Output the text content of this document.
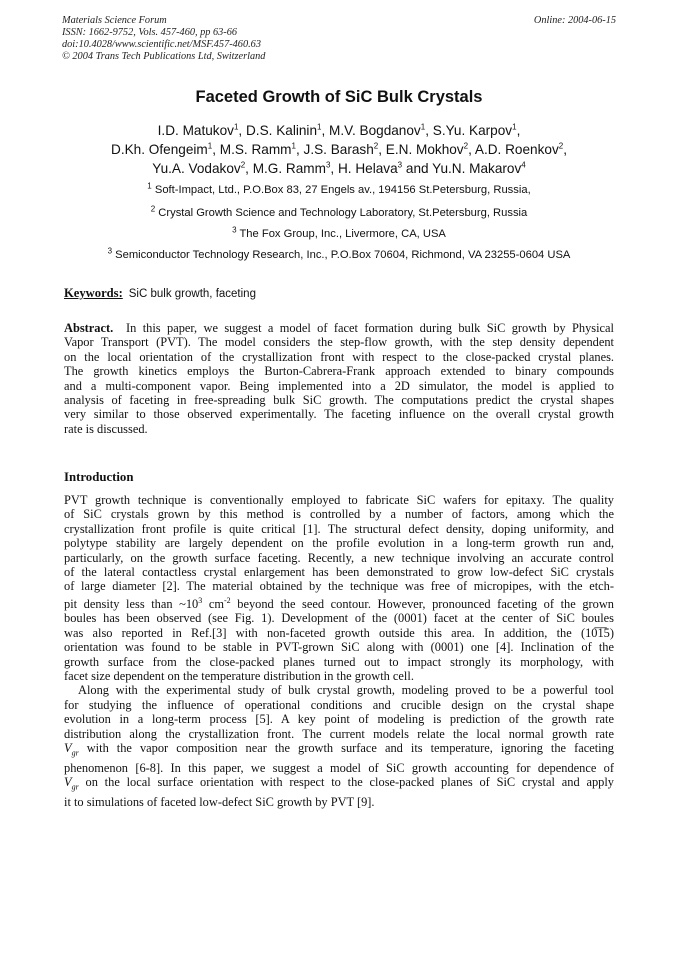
Materials Science Forum
ISSN: 1662-9752, Vols. 457-460, pp 63-66
doi:10.4028/www.scientific.net/MSF.457-460.63
© 2004 Trans Tech Publications Ltd, Switzerland
Online: 2004-06-15
Faceted Growth of SiC Bulk Crystals
I.D. Matukov$^1$, D.S. Kalinin$^1$, M.V. Bogdanov$^1$, S.Yu. Karpov$^1$,
D.Kh. Ofengeim$^1$, M.S. Ramm$^1$, J.S. Barash$^2$, E.N. Mokhov$^2$, A.D. Roenkov$^2$,
Yu.A. Vodakov$^2$, M.G. Ramm$^3$, H. Helava$^3$ and Yu.N. Makarov$^4$
$^1$ Soft-Impact, Ltd., P.O.Box 83, 27 Engels av., 194156 St.Petersburg, Russia,
$^2$ Crystal Growth Science and Technology Laboratory, St.Petersburg, Russia
$^3$ The Fox Group, Inc., Livermore, CA, USA
$^3$ Semiconductor Technology Research, Inc., P.O.Box 70604, Richmond, VA 23255-0604 USA
Keywords: SiC bulk growth, faceting
Abstract. In this paper, we suggest a model of facet formation during bulk SiC growth by Physical
Vapor Transport (PVT). The model considers the step-flow growth, with the step density dependent
on the local orientation of the crystallization front with respect to the close-packed crystal planes.
The growth kinetics employs the Burton-Cabrera-Frank approach extended to binary compounds
and a multi-component vapor. Being implemented into a 2D simulator, the model is applied to
analysis of faceting in free-spreading bulk SiC growth. The computations predict the crystal shapes
very similar to those observed experimentally. The faceting influence on the overall crystal growth
rate is discussed.
Introduction
PVT growth technique is conventionally employed to fabricate SiC wafers for epitaxy. The quality
of SiC crystals grown by this method is controlled by a number of factors, among which the
crystallization front profile is quite critical [1]. The structural defect density, doping uniformity, and
polytype stability are largely dependent on the profile evolution in a long-term growth run and,
particularly, on the growth surface faceting. Recently, a new technique involving an accurate control
of the lateral contactless crystal enlargement has been demonstrated to grow low-defect SiC crystals
of large diameter [2]. The material obtained by the technique was free of micropipes, with the etch-
pit density less than $\sim 10^3$ $cm^{-2}$ beyond the seed contour. However, pronounced faceting of the grown
boules has been observed (see Fig. 1). Development of the (0001) facet at the center of SiC boules
was also reported in Ref.[3] with non-faceted growth outside this area. In addition, the (10̅1̅5)
orientation was found to be stable in PVT-grown SiC along with (0001) one [4]. Inclination of the
growth surface from the close-packed planes turned out to impact strongly its morphology, with
facet size dependent on the temperature distribution in the growth cell.
Along with the experimental study of bulk crystal growth, modeling proved to be a powerful tool
for studying the influence of operational conditions and crucible design on the crystal shape
evolution in a long-term process [5]. A key point of modeling is prediction of the growth rate
distribution along the crystallization front. The current models relate the local normal growth rate
$V_{gr}$ with the vapor composition near the growth surface and its temperature, ignoring the faceting
phenomenon [6-8]. In this paper, we suggest a model of SiC growth accounting for dependence of
$V_{gr}$ on the local surface orientation with respect to the close-packed planes of SiC crystal and apply
it to simulations of faceted low-defect SiC growth by PVT [9].
